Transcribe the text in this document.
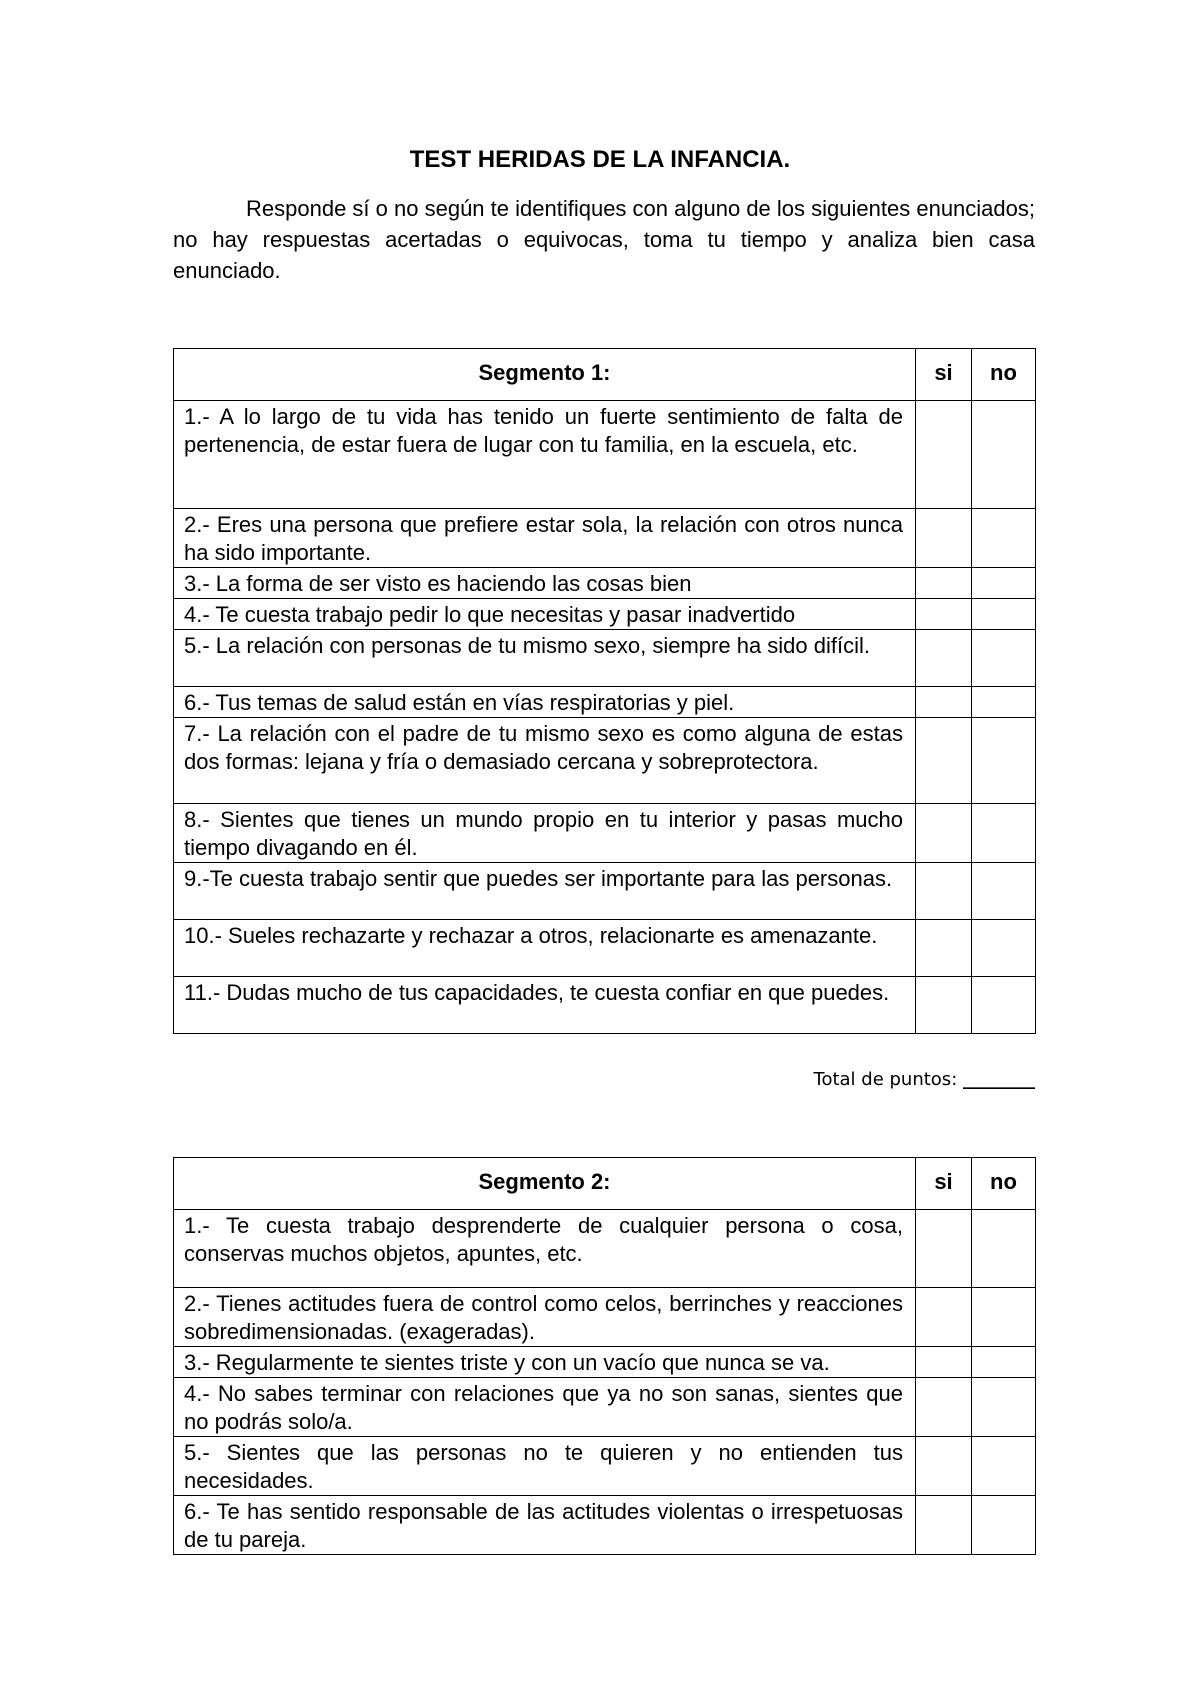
TEST HERIDAS DE LA INFANCIA.

Responde sí o no según te identifiques con alguno de los siguientes enunciados; no hay respuestas acertadas o equivocas, toma tu tiempo y analiza bien casa enunciado.

Segmento 1:	si	no
1.- A lo largo de tu vida has tenido un fuerte sentimiento de falta de pertenencia, de estar fuera de lugar con tu familia, en la escuela, etc.		
2.- Eres una persona que prefiere estar sola, la relación con otros nunca ha sido importante.		
3.- La forma de ser visto es haciendo las cosas bien		
4.- Te cuesta trabajo pedir lo que necesitas y pasar inadvertido		
5.- La relación con personas de tu mismo sexo, siempre ha sido difícil.		
6.- Tus temas de salud están en vías respiratorias y piel.		
7.- La relación con el padre de tu mismo sexo es como alguna de estas dos formas: lejana y fría o demasiado cercana y sobreprotectora.		
8.- Sientes que tienes un mundo propio en tu interior y pasas mucho tiempo divagando en él.		
9.-Te cuesta trabajo sentir que puedes ser importante para las personas.		
10.- Sueles rechazarte y rechazar a otros, relacionarte es amenazante.		
11.- Dudas mucho de tus capacidades, te cuesta confiar en que puedes.		
Total de puntos: ________
Segmento 2:	si	no
1.- Te cuesta trabajo desprenderte de cualquier persona o cosa, conservas muchos objetos, apuntes, etc.		
2.- Tienes actitudes fuera de control como celos, berrinches y reacciones sobredimensionadas. (exageradas).		
3.- Regularmente te sientes triste y con un vacío que nunca se va.		
4.- No sabes terminar con relaciones que ya no son sanas, sientes que no podrás solo/a.		
5.- Sientes que las personas no te quieren y no entienden tus necesidades.		
6.- Te has sentido responsable de las actitudes violentas o irrespetuosas de tu pareja.		
